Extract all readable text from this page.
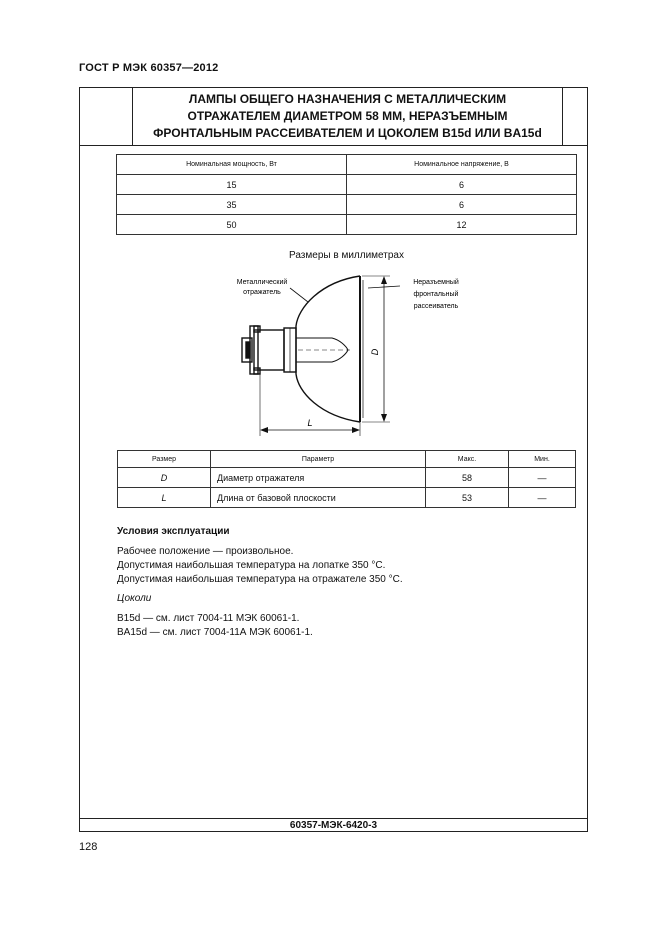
ГОСТ Р МЭК 60357—2012
ЛАМПЫ ОБЩЕГО НАЗНАЧЕНИЯ С МЕТАЛЛИЧЕСКИМ
ОТРАЖАТЕЛЕМ ДИАМЕТРОМ 58 ММ, НЕРАЗЪЕМНЫМ
ФРОНТАЛЬНЫМ РАССЕИВАТЕЛЕМ И ЦОКОЛЕМ B15d ИЛИ BA15d
Номинальная мощность, Вт	Номинальное напряжение, В
15	6
35	6
50	12
Размеры в миллиметрах
Металлический
отражатель
Неразъемный
фронтальный
рассеиватель
D
L
Размер	Параметр	Макс.	Мин.
D	Диаметр отражателя	58	—
L	Длина от базовой плоскости	53	—
Условия эксплуатации
Рабочее положение — произвольное.
Допустимая наибольшая температура на лопатке 350 °С.
Допустимая наибольшая температура на отражателе 350 °С.
Цоколи
B15d — см. лист 7004-11 МЭК 60061-1.
BA15d — см. лист 7004-11А МЭК 60061-1.
60357-МЭК-6420-3
128
